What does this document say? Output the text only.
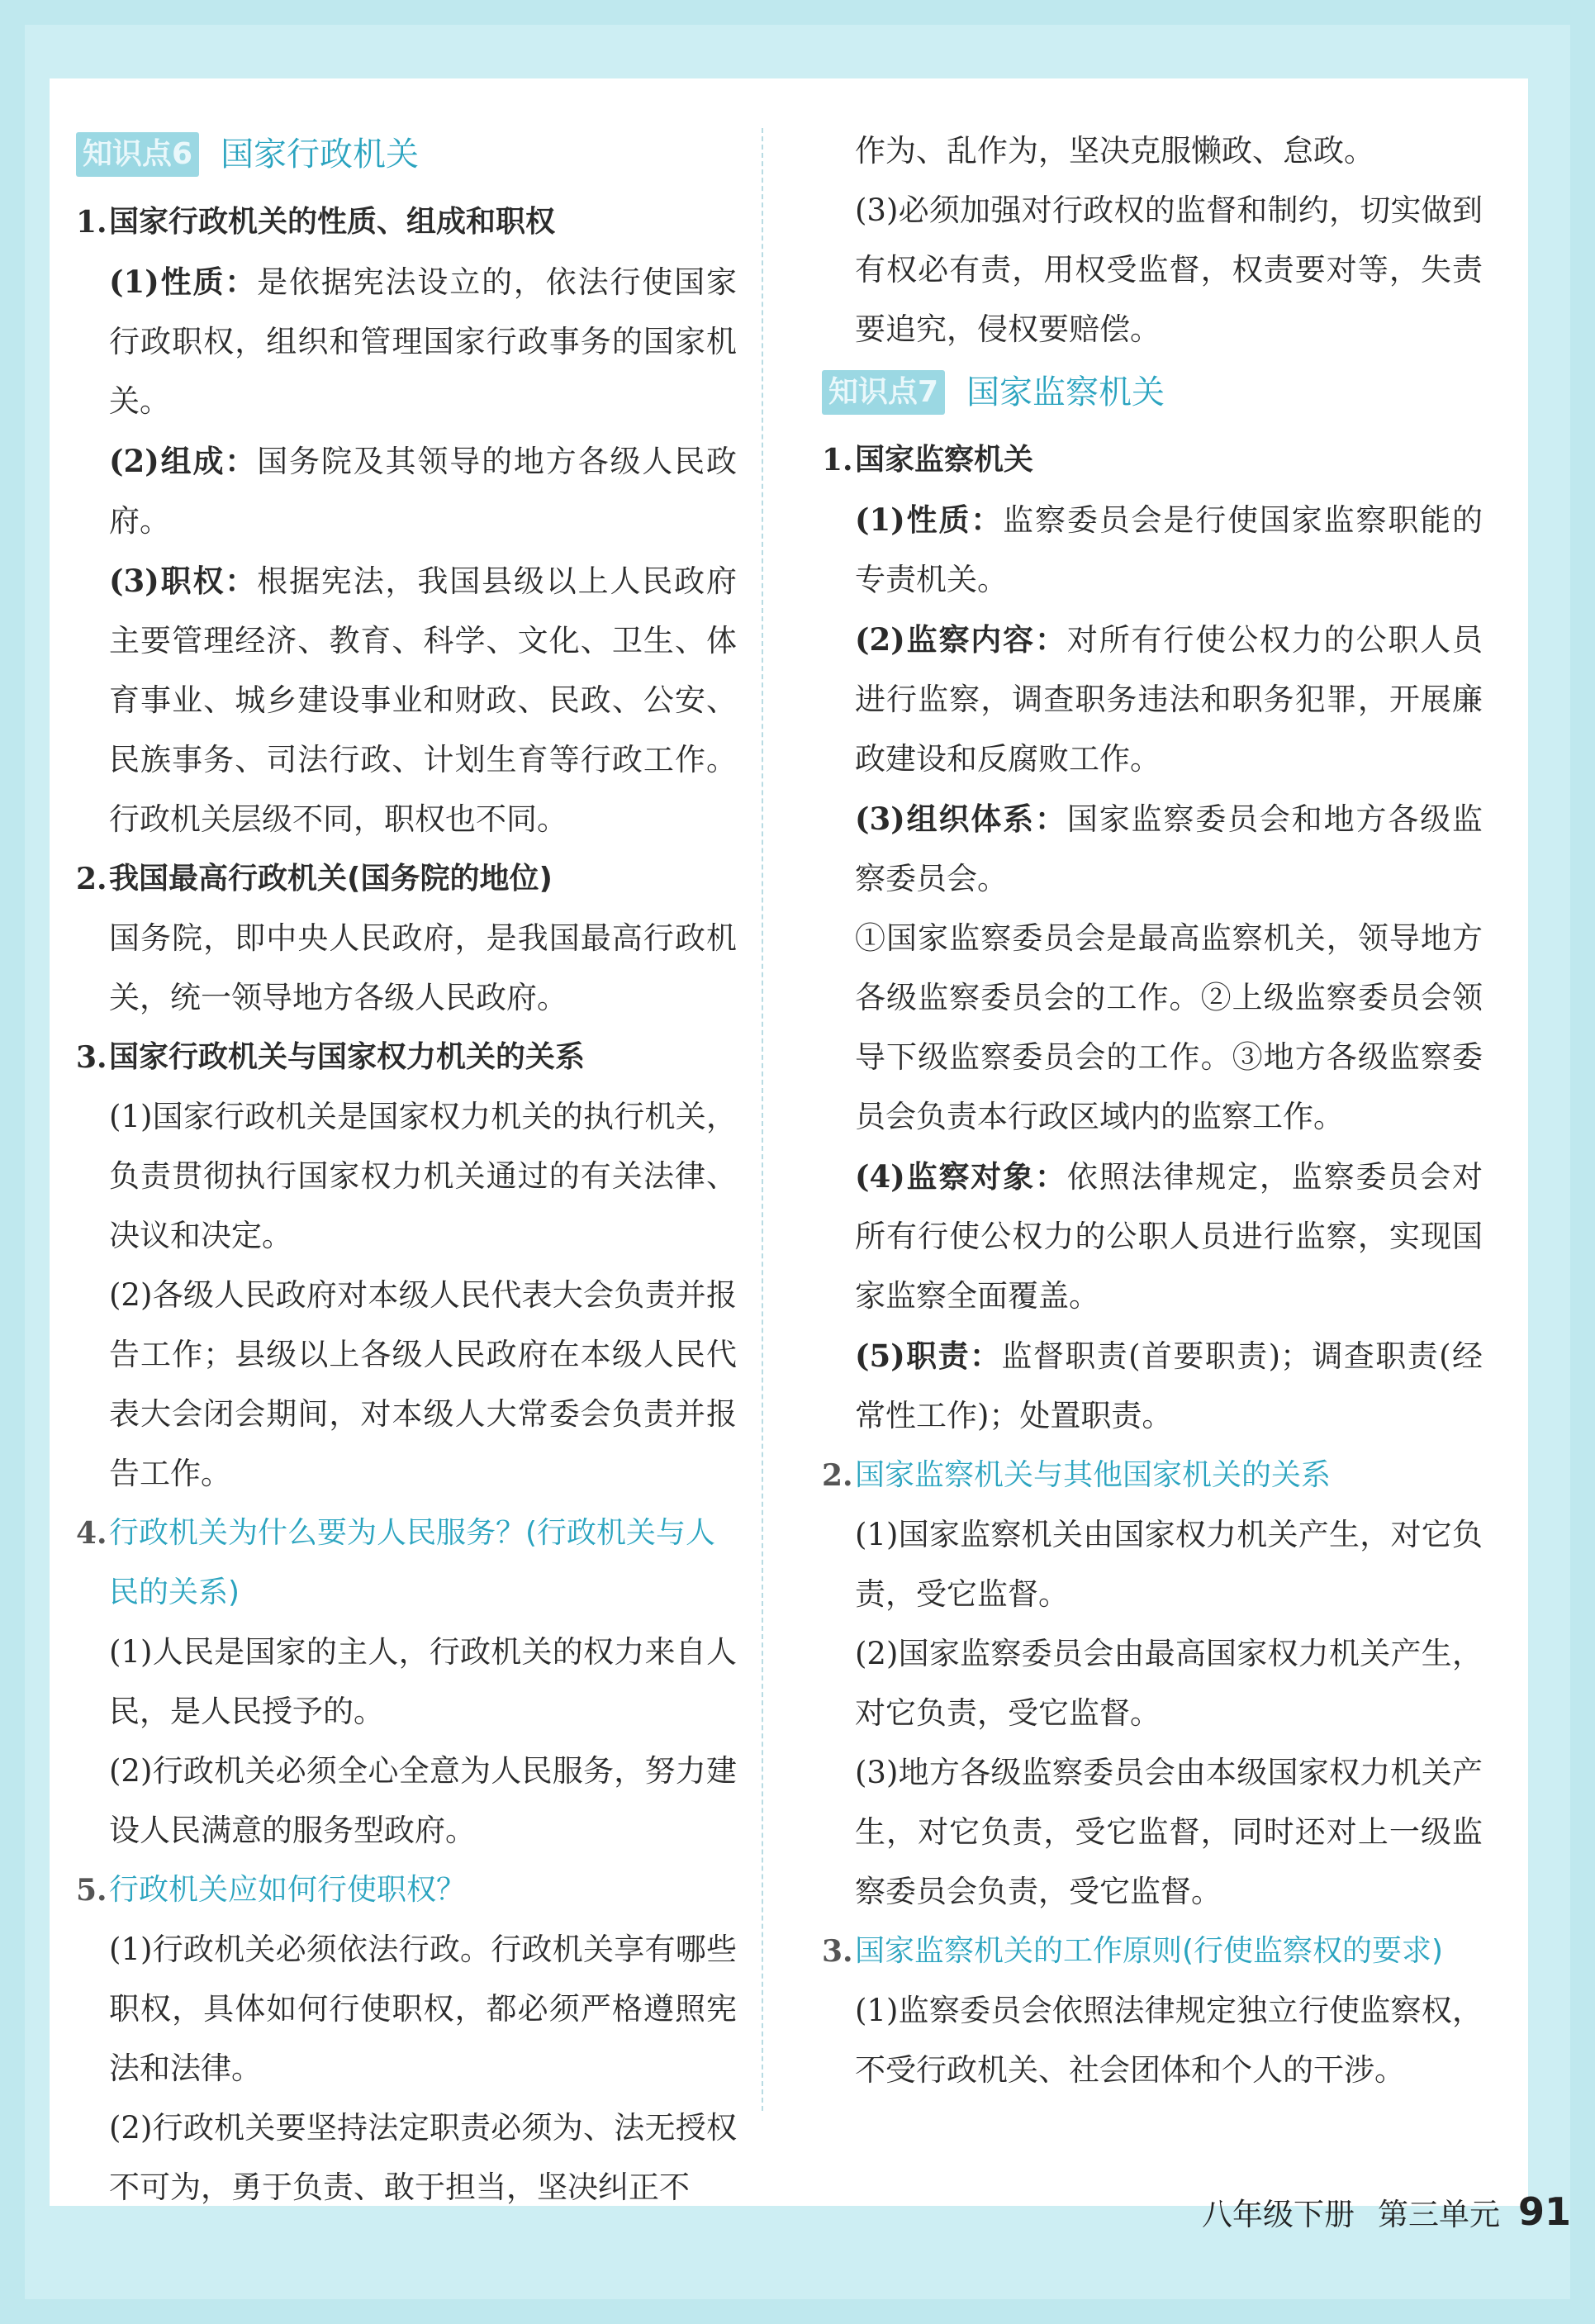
知识点6 国家行政机关
1. 国家行政机关的性质、组成和职权
(1)性质：是依据宪法设立的，依法行使国家行政职权，组织和管理国家行政事务的国家机关。
(2)组成：国务院及其领导的地方各级人民政府。
(3)职权：根据宪法，我国县级以上人民政府主要管理经济、教育、科学、文化、卫生、体育事业、城乡建设事业和财政、民政、公安、民族事务、司法行政、计划生育等行政工作。行政机关层级不同，职权也不同。
2. 我国最高行政机关(国务院的地位)
国务院，即中央人民政府，是我国最高行政机关，统一领导地方各级人民政府。
3. 国家行政机关与国家权力机关的关系
(1)国家行政机关是国家权力机关的执行机关，负责贯彻执行国家权力机关通过的有关法律、决议和决定。
(2)各级人民政府对本级人民代表大会负责并报告工作；县级以上各级人民政府在本级人民代表大会闭会期间，对本级人大常委会负责并报告工作。
4. 行政机关为什么要为人民服务？(行政机关与人民的关系)
(1)人民是国家的主人，行政机关的权力来自人民，是人民授予的。
(2)行政机关必须全心全意为人民服务，努力建设人民满意的服务型政府。
5. 行政机关应如何行使职权？
(1)行政机关必须依法行政。行政机关享有哪些职权，具体如何行使职权，都必须严格遵照宪法和法律。
(2)行政机关要坚持法定职责必须为、法无授权不可为，勇于负责、敢于担当，坚决纠正不
作为、乱作为，坚决克服懒政、怠政。
(3)必须加强对行政权的监督和制约，切实做到有权必有责，用权受监督，权责要对等，失责要追究，侵权要赔偿。
知识点7 国家监察机关
1. 国家监察机关
(1)性质：监察委员会是行使国家监察职能的专责机关。
(2)监察内容：对所有行使公权力的公职人员进行监察，调查职务违法和职务犯罪，开展廉政建设和反腐败工作。
(3)组织体系：国家监察委员会和地方各级监察委员会。
①国家监察委员会是最高监察机关，领导地方各级监察委员会的工作。②上级监察委员会领导下级监察委员会的工作。③地方各级监察委员会负责本行政区域内的监察工作。
(4)监察对象：依照法律规定，监察委员会对所有行使公权力的公职人员进行监察，实现国家监察全面覆盖。
(5)职责：监督职责(首要职责)；调查职责(经常性工作)；处置职责。
2. 国家监察机关与其他国家机关的关系
(1)国家监察机关由国家权力机关产生，对它负责，受它监督。
(2)国家监察委员会由最高国家权力机关产生，对它负责，受它监督。
(3)地方各级监察委员会由本级国家权力机关产生，对它负责，受它监督，同时还对上一级监察委员会负责，受它监督。
3. 国家监察机关的工作原则(行使监察权的要求)
(1)监察委员会依照法律规定独立行使监察权，不受行政机关、社会团体和个人的干涉。
八年级下册 第三单元 91
